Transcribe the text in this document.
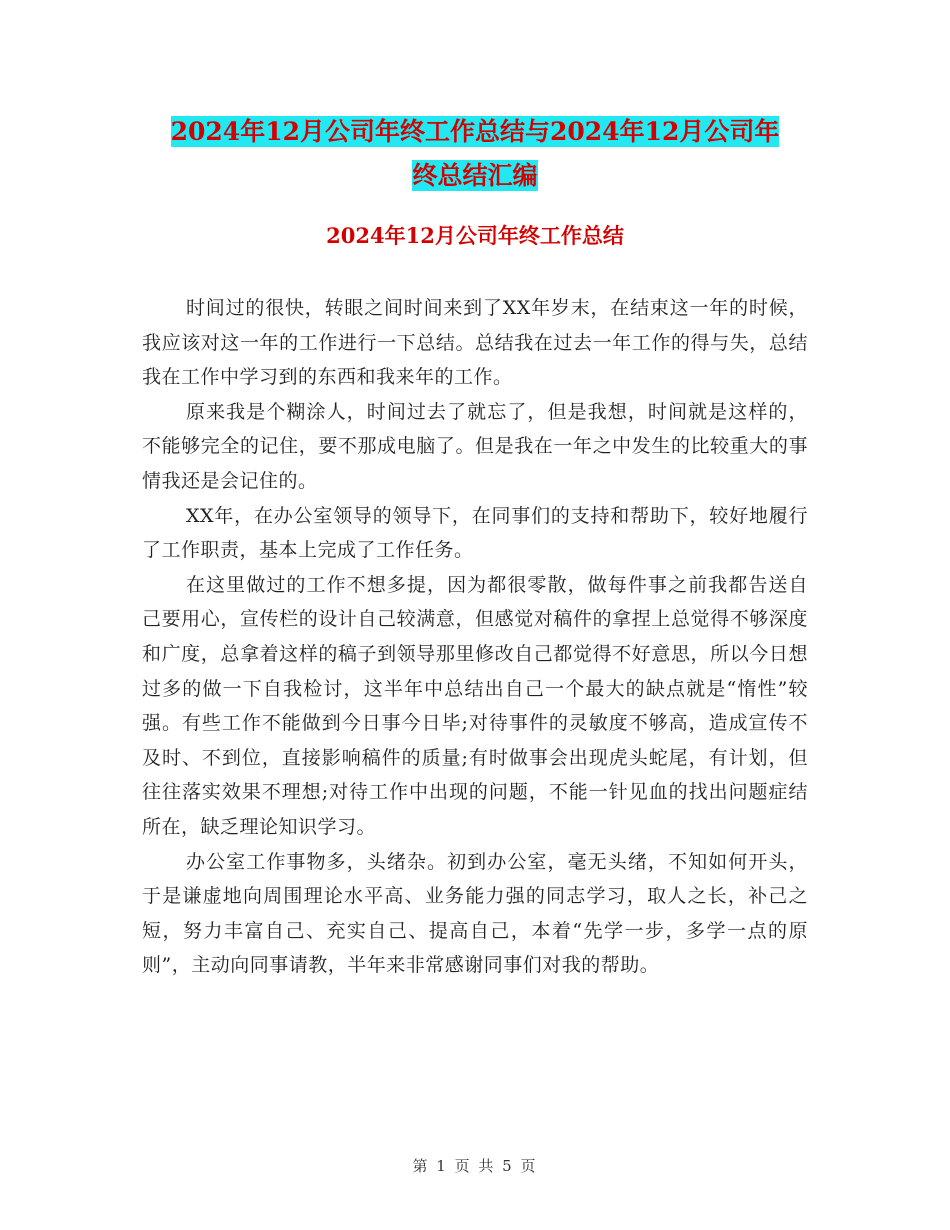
2024年12月公司年终工作总结与2024年12月公司年
终总结汇编
2024年12月公司年终工作总结

时间过的很快，转眼之间时间来到了XX年岁末，在结束这一年的时候，我应该对这一年的工作进行一下总结。总结我在过去一年工作的得与失，总结我在工作中学习到的东西和我来年的工作。

原来我是个糊涂人，时间过去了就忘了，但是我想，时间就是这样的，不能够完全的记住，要不那成电脑了。但是我在一年之中发生的比较重大的事情我还是会记住的。

XX年，在办公室领导的领导下，在同事们的支持和帮助下，较好地履行了工作职责，基本上完成了工作任务。

在这里做过的工作不想多提，因为都很零散，做每件事之前我都告送自己要用心，宣传栏的设计自己较满意，但感觉对稿件的拿捏上总觉得不够深度和广度，总拿着这样的稿子到领导那里修改自己都觉得不好意思，所以今日想过多的做一下自我检讨，这半年中总结出自己一个最大的缺点就是“惰性”较强。有些工作不能做到今日事今日毕;对待事件的灵敏度不够高，造成宣传不及时、不到位，直接影响稿件的质量;有时做事会出现虎头蛇尾，有计划，但往往落实效果不理想;对待工作中出现的问题，不能一针见血的找出问题症结所在，缺乏理论知识学习。

办公室工作事物多，头绪杂。初到办公室，毫无头绪，不知如何开头，于是谦虚地向周围理论水平高、业务能力强的同志学习，取人之长，补己之短，努力丰富自己、充实自己、提高自己，本着“先学一步，多学一点的原则”，主动向同事请教，半年来非常感谢同事们对我的帮助。

第 1 页 共 5 页
